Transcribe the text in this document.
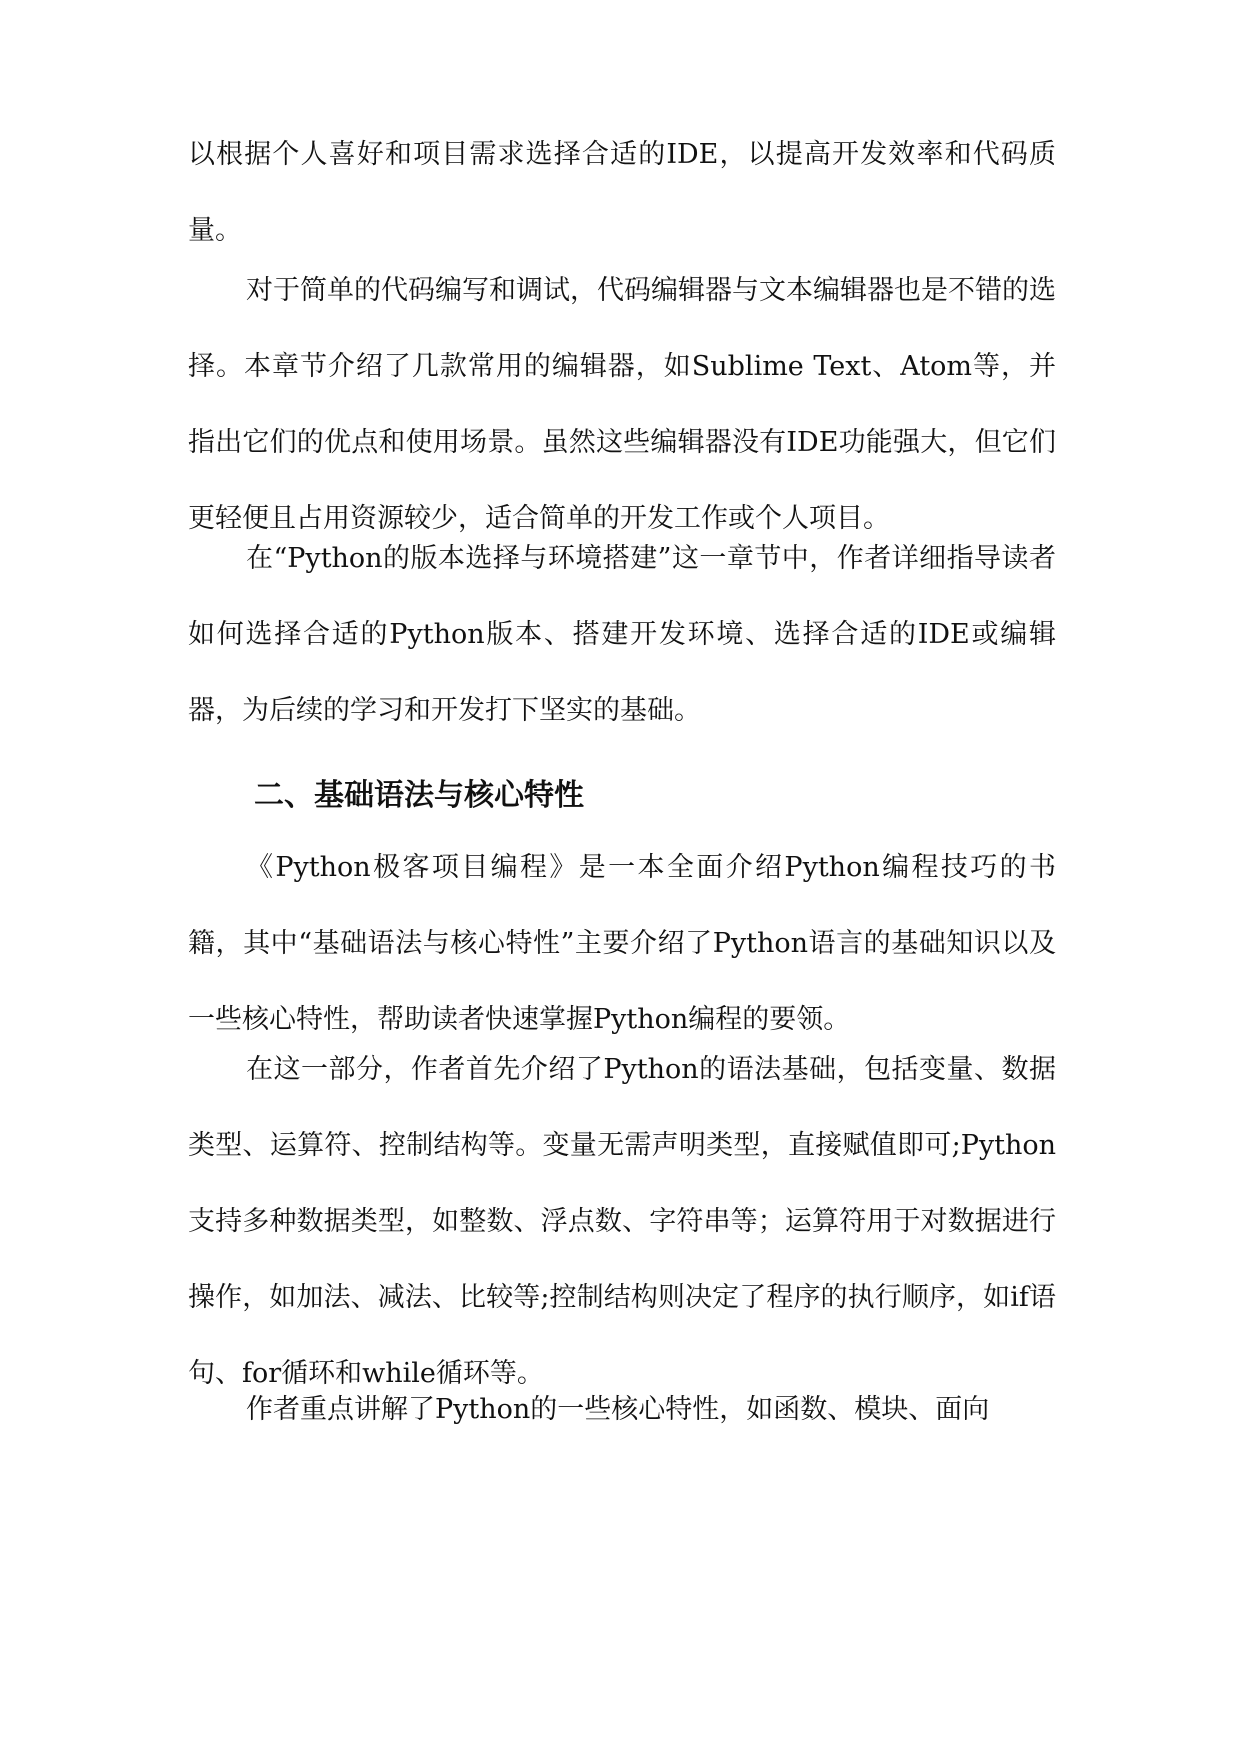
以根据个人喜好和项目需求选择合适的IDE，以提高开发效率和代码质量。

对于简单的代码编写和调试，代码编辑器与文本编辑器也是不错的选择。本章节介绍了几款常用的编辑器，如Sublime Text、Atom等，并指出它们的优点和使用场景。虽然这些编辑器没有IDE功能强大，但它们更轻便且占用资源较少，适合简单的开发工作或个人项目。

在“Python的版本选择与环境搭建”这一章节中，作者详细指导读者如何选择合适的Python版本、搭建开发环境、选择合适的IDE或编辑器，为后续的学习和开发打下坚实的基础。

二、基础语法与核心特性

《Python极客项目编程》是一本全面介绍Python编程技巧的书籍，其中“基础语法与核心特性”主要介绍了Python语言的基础知识以及一些核心特性，帮助读者快速掌握Python编程的要领。

在这一部分，作者首先介绍了Python的语法基础，包括变量、数据类型、运算符、控制结构等。变量无需声明类型，直接赋值即可;Python支持多种数据类型，如整数、浮点数、字符串等；运算符用于对数据进行操作，如加法、减法、比较等;控制结构则决定了程序的执行顺序，如if语句、for循环和while循环等。

作者重点讲解了Python的一些核心特性，如函数、模块、面向
